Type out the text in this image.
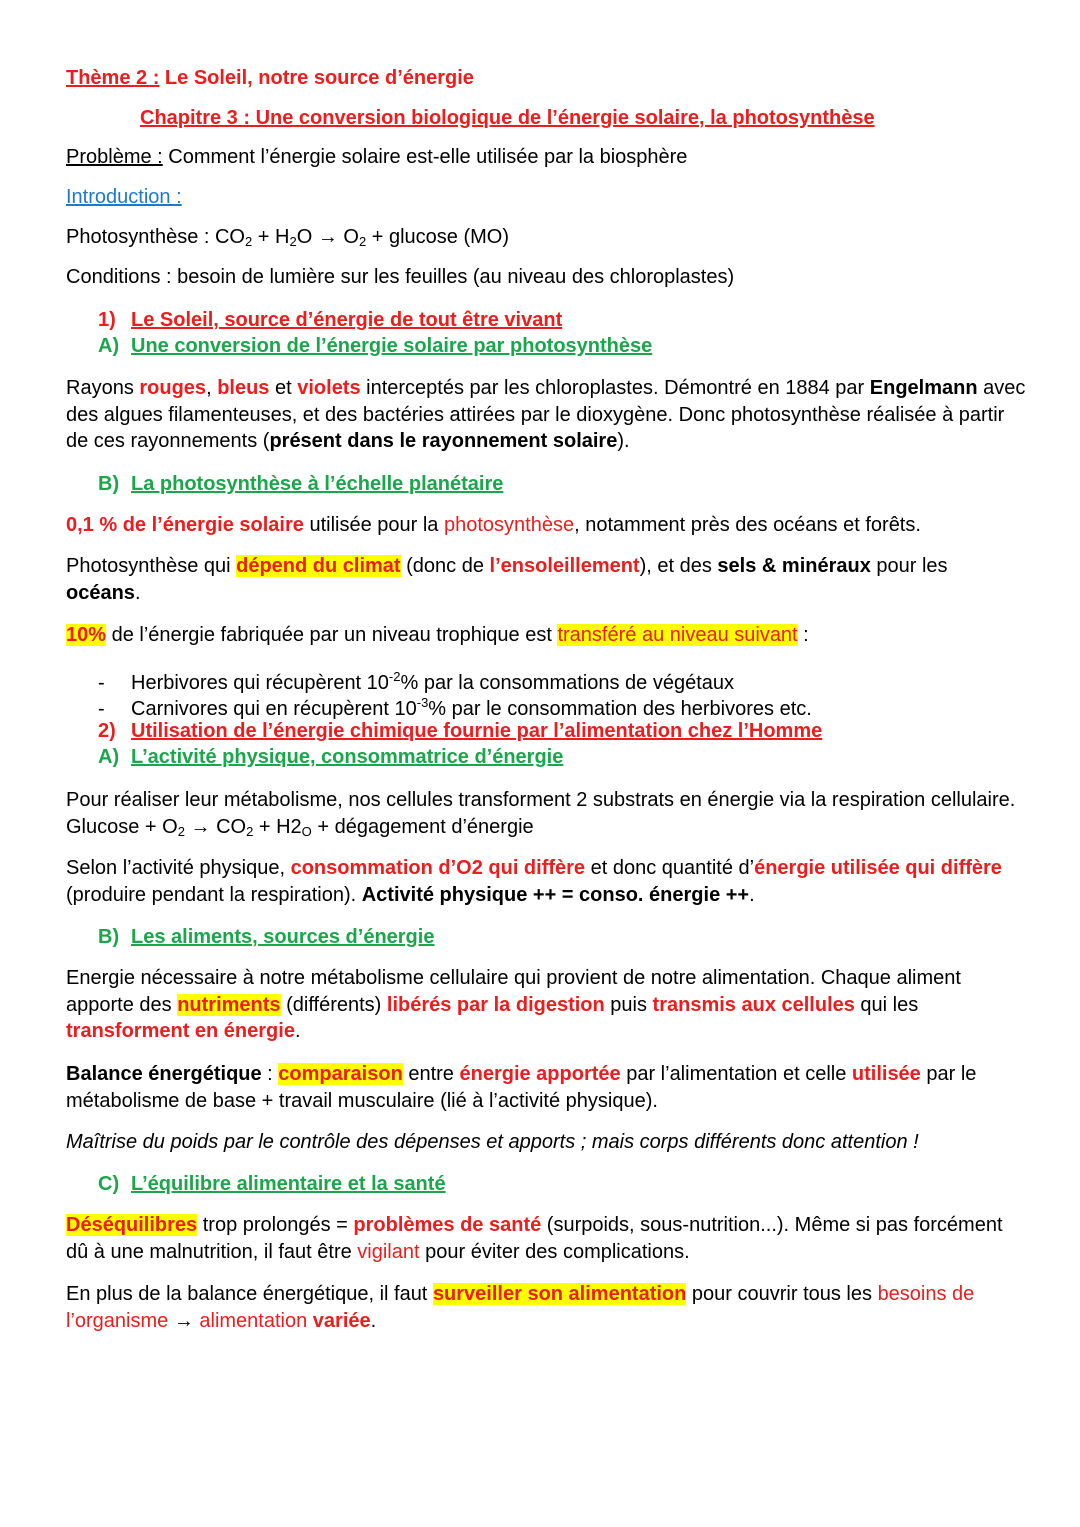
Thème 2 : Le Soleil, notre source d’énergie
Chapitre 3 : Une conversion biologique de l’énergie solaire, la photosynthèse
Problème : Comment l’énergie solaire est-elle utilisée par la biosphère
Introduction :
Photosynthèse : $CO_2 + H_2O \to O_2 + glucose$ (MO)
Conditions : besoin de lumière sur les feuilles (au niveau des chloroplastes)
1) Le Soleil, source d’énergie de tout être vivant
A) Une conversion de l’énergie solaire par photosynthèse
Rayons rouges, bleus et violets interceptés par les chloroplastes. Démontré en 1884 par Engelmann avec des algues filamenteuses, et des bactéries attirées par le dioxygène. Donc photosynthèse réalisée à partir de ces rayonnements (présent dans le rayonnement solaire).
B) La photosynthèse à l’échelle planétaire
0,1 % de l’énergie solaire utilisée pour la photosynthèse, notamment près des océans et forêts.
Photosynthèse qui dépend du climat (donc de l’ensoleillement), et des sels & minéraux pour les océans.
10% de l’énergie fabriquée par un niveau trophique est transféré au niveau suivant :
- Herbivores qui récupèrent $10^{-2}\%$ par la consommations de végétaux
- Carnivores qui en récupèrent $10^{-3}\%$ par le consommation des herbivores etc.
2) Utilisation de l’énergie chimique fournie par l’alimentation chez l’Homme
A) L’activité physique, consommatrice d’énergie
Pour réaliser leur métabolisme, nos cellules transforment 2 substrats en énergie via la respiration cellulaire. $Glucose + O_2 \to CO_2 + H2_O$ + dégagement d’énergie
Selon l’activité physique, consommation d’O2 qui diffère et donc quantité d’énergie utilisée qui diffère (produire pendant la respiration). Activité physique ++ = conso. énergie ++.
B) Les aliments, sources d’énergie
Energie nécessaire à notre métabolisme cellulaire qui provient de notre alimentation. Chaque aliment apporte des nutriments (différents) libérés par la digestion puis transmis aux cellules qui les transforment en énergie.
Balance énergétique : comparaison entre énergie apportée par l’alimentation et celle utilisée par le métabolisme de base + travail musculaire (lié à l’activité physique).
Maîtrise du poids par le contrôle des dépenses et apports ; mais corps différents donc attention !
C) L’équilibre alimentaire et la santé
Déséquilibres trop prolongés = problèmes de santé (surpoids, sous-nutrition...). Même si pas forcément dû à une malnutrition, il faut être vigilant pour éviter des complications.
En plus de la balance énergétique, il faut surveiller son alimentation pour couvrir tous les besoins de l’organisme → alimentation variée.
